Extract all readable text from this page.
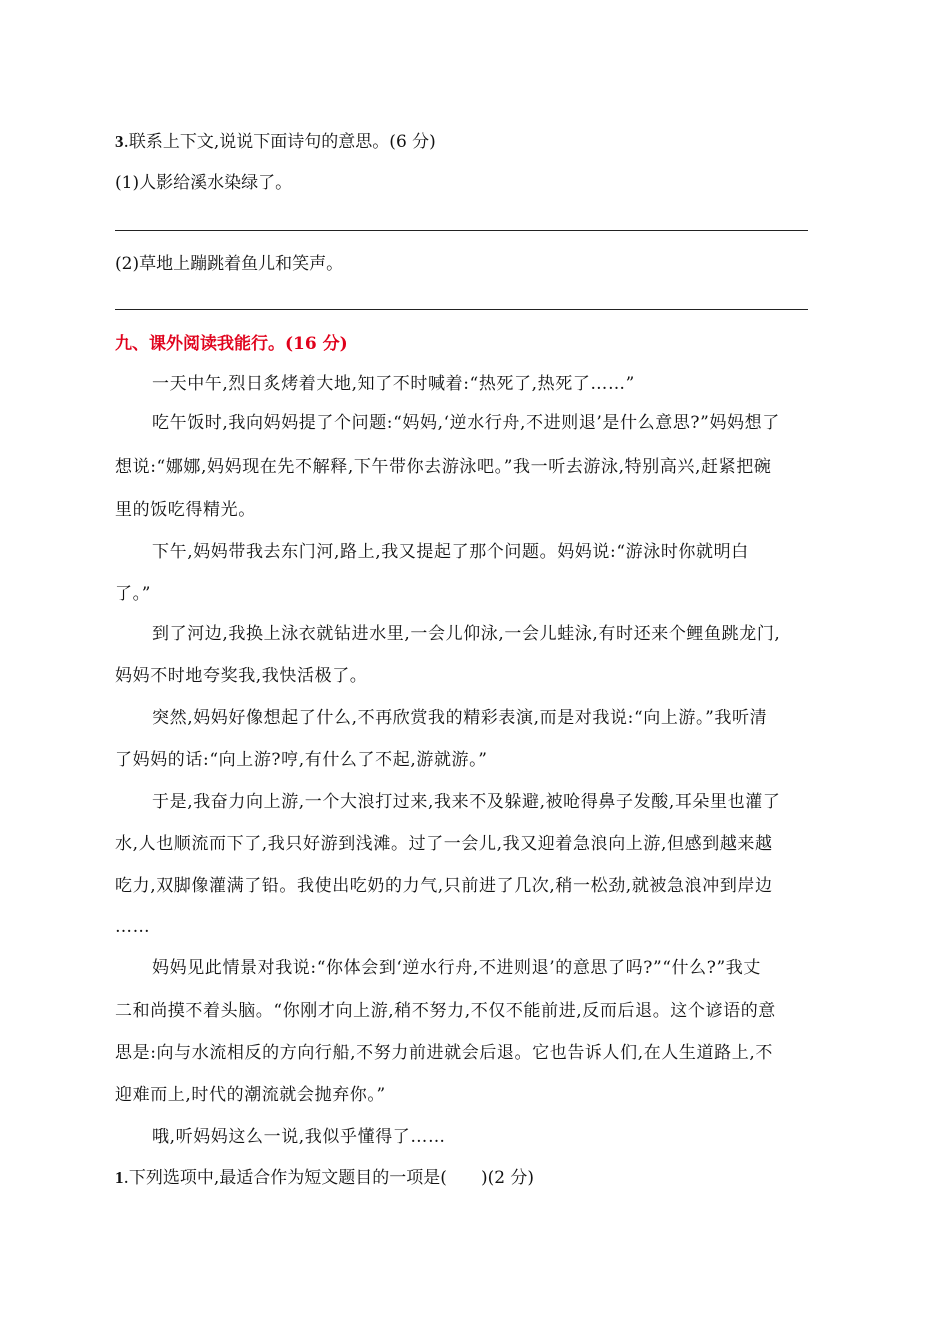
3.联系上下文,说说下面诗句的意思。(6 分)
(1)人影给溪水染绿了。
(2)草地上蹦跳着鱼儿和笑声。
九、课外阅读我能行。(16 分)
一天中午,烈日炙烤着大地,知了不时喊着:“热死了,热死了……”
吃午饭时,我向妈妈提了个问题:“妈妈,‘逆水行舟,不进则退’是什么意思?”妈妈想了
想说:“娜娜,妈妈现在先不解释,下午带你去游泳吧。”我一听去游泳,特别高兴,赶紧把碗
里的饭吃得精光。
下午,妈妈带我去东门河,路上,我又提起了那个问题。妈妈说:“游泳时你就明白
了。”
到了河边,我换上泳衣就钻进水里,一会儿仰泳,一会儿蛙泳,有时还来个鲤鱼跳龙门,
妈妈不时地夸奖我,我快活极了。
突然,妈妈好像想起了什么,不再欣赏我的精彩表演,而是对我说:“向上游。”我听清
了妈妈的话:“向上游?哼,有什么了不起,游就游。”
于是,我奋力向上游,一个大浪打过来,我来不及躲避,被呛得鼻子发酸,耳朵里也灌了
水,人也顺流而下了,我只好游到浅滩。过了一会儿,我又迎着急浪向上游,但感到越来越
吃力,双脚像灌满了铅。我使出吃奶的力气,只前进了几次,稍一松劲,就被急浪冲到岸边
……
妈妈见此情景对我说:“你体会到‘逆水行舟,不进则退’的意思了吗?”“什么?”我丈
二和尚摸不着头脑。“你刚才向上游,稍不努力,不仅不能前进,反而后退。这个谚语的意
思是:向与水流相反的方向行船,不努力前进就会后退。它也告诉人们,在人生道路上,不
迎难而上,时代的潮流就会抛弃你。”
哦,听妈妈这么一说,我似乎懂得了……
1.下列选项中,最适合作为短文题目的一项是(　　)(2 分)
